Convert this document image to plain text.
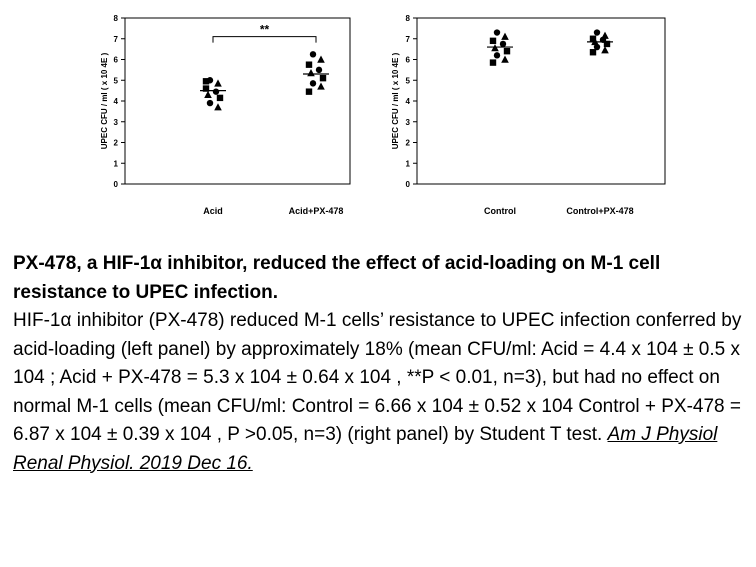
0
1
2
3
4
5
6
7
8
UPEC CFU / ml ( x 10 4E )
Acid	Acid+PX-478
**
0
1
2
3
4
5
6
7
8
UPEC CFU / ml ( x 10 4E )
Control	Control+PX-478

PX-478, a HIF-1α inhibitor, reduced the effect of acid-loading on M-1 cell resistance to UPEC infection.

HIF-1α inhibitor (PX-478) reduced M-1 cells’ resistance to UPEC infection conferred by acid-loading (left panel) by approximately 18% (mean CFU/ml: Acid = 4.4 x 104 ± 0.5 x 104 ; Acid + PX-478 = 5.3 x 104 ± 0.64 x 104 , **P < 0.01, n=3), but had no effect on normal M-1 cells (mean CFU/ml: Control = 6.66 x 104 ± 0.52 x 104 Control + PX-478 = 6.87 x 104 ± 0.39 x 104 , P >0.05, n=3) (right panel) by Student T test. Am J Physiol Renal Physiol. 2019 Dec 16.
